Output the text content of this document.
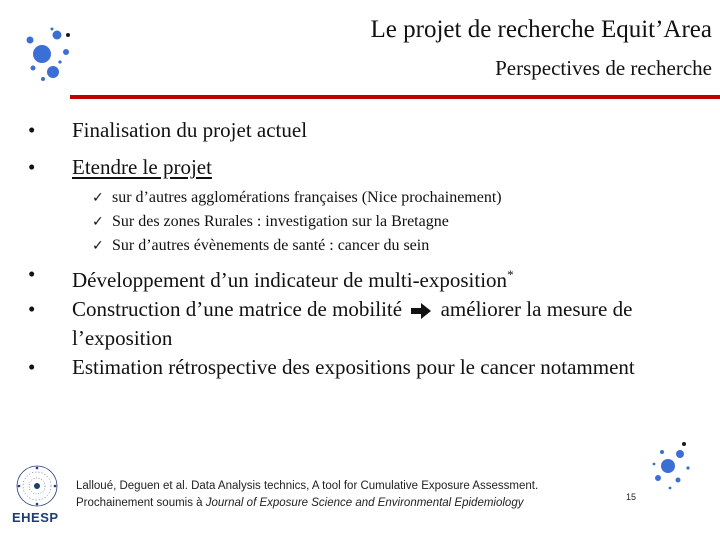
Le projet de recherche Equit’Area
Perspectives de recherche
• Finalisation du projet actuel
• Etendre le projet
✓ sur d’autres agglomérations françaises (Nice prochainement)
✓ Sur des zones Rurales : investigation sur la Bretagne
✓ Sur d’autres évènements de santé : cancer du sein
• Développement d’un indicateur de multi-exposition*
• Construction d’une matrice de mobilité améliorer la mesure de l’exposition
• Estimation rétrospective des expositions pour le cancer notamment
EHESP
Lalloué, Deguen et al. Data Analysis technics, A tool for Cumulative Exposure Assessment.
Prochainement soumis à Journal of Exposure Science and Environmental Epidemiology	15
